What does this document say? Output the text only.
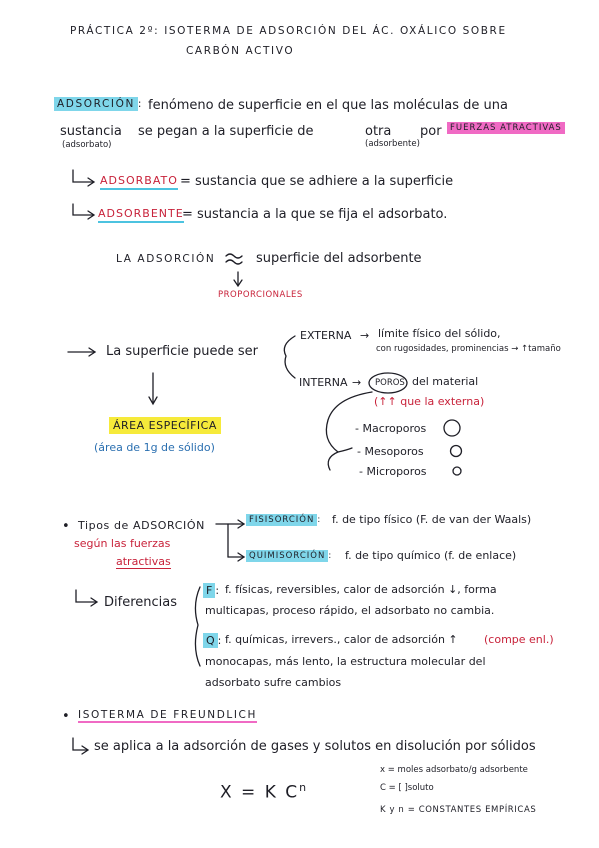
PRÁCTICA 2º: ISOTERMA DE ADSORCIÓN DEL ÁC. OXÁLICO SOBRE
CARBÓN ACTIVO
ADSORCIÓN : fenómeno de superficie en el que las moléculas de una
sustancia se pegan a la superficie de	otra por FUERZAS ATRACTIVAS
(adsorbato)	(adsorbente)
ADSORBATO = sustancia que se adhiere a la superficie
ADSORBENTE
= sustancia a la que se fija el adsorbato.
LA ADSORCIÓN	superficie del adsorbente
PROPORCIONALES
La superficie puede ser
EXTERNA → límite físico del sólido,
con rugosidades, prominencias → ↑tamaño
INTERNA → POROS del material
(↑↑ que la externa)
ÁREA ESPECÍFICA
(área de 1g de sólido)
- Macroporos
- Mesoporos
- Microporos
• Tipos de ADSORCIÓN
según las fuerzas
atractivas
FISISORCIÓN : f. de tipo físico (F. de van der Waals)
QUIMISORCIÓN : f. de tipo químico (f. de enlace)
Diferencias
F : f. físicas, reversibles, calor de adsorción ↓, forma
multicapas, proceso rápido, el adsorbato no cambia.
Q : f. químicas, irrevers., calor de adsorción ↑ (compe enl.)
monocapas, más lento, la estructura molecular del
adsorbato sufre cambios
• ISOTERMA DE FREUNDLICH
se aplica a la adsorción de gases y solutos en disolución por sólidos
X = K $C^n$
x = moles adsorbato/g adsorbente
C = [ ]soluto
K y n = CONSTANTES EMPÍRICAS
